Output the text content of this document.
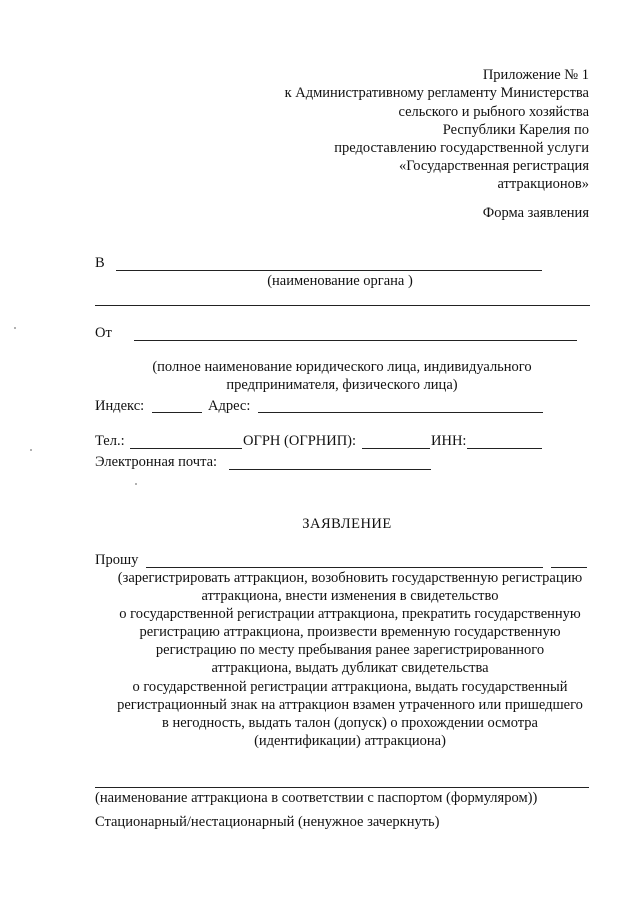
Приложение № 1
к Административному регламенту Министерства
сельского и рыбного хозяйства
Республики Карелия по
предоставлению государственной услуги
«Государственная регистрация
аттракционов»
Форма заявления
В
(наименование органа )
От
(полное наименование юридического лица, индивидуального
предпринимателя, физического лица)
Индекс:	Адрес:
Тел.:	ОГРН (ОГРНИП):	ИНН:
Электронная почта:
ЗАЯВЛЕНИЕ
Прошу
(зарегистрировать аттракцион, возобновить государственную регистрацию
аттракциона, внести изменения в свидетельство
о государственной регистрации аттракциона, прекратить государственную
регистрацию аттракциона, произвести временную государственную
регистрацию по месту пребывания ранее зарегистрированного
аттракциона, выдать дубликат свидетельства
о государственной регистрации аттракциона, выдать государственный
регистрационный знак на аттракцион взамен утраченного или пришедшего
в негодность, выдать талон (допуск) о прохождении осмотра
(идентификации) аттракциона)
(наименование аттракциона в соответствии с паспортом (формуляром))
Стационарный/нестационарный (ненужное зачеркнуть)
